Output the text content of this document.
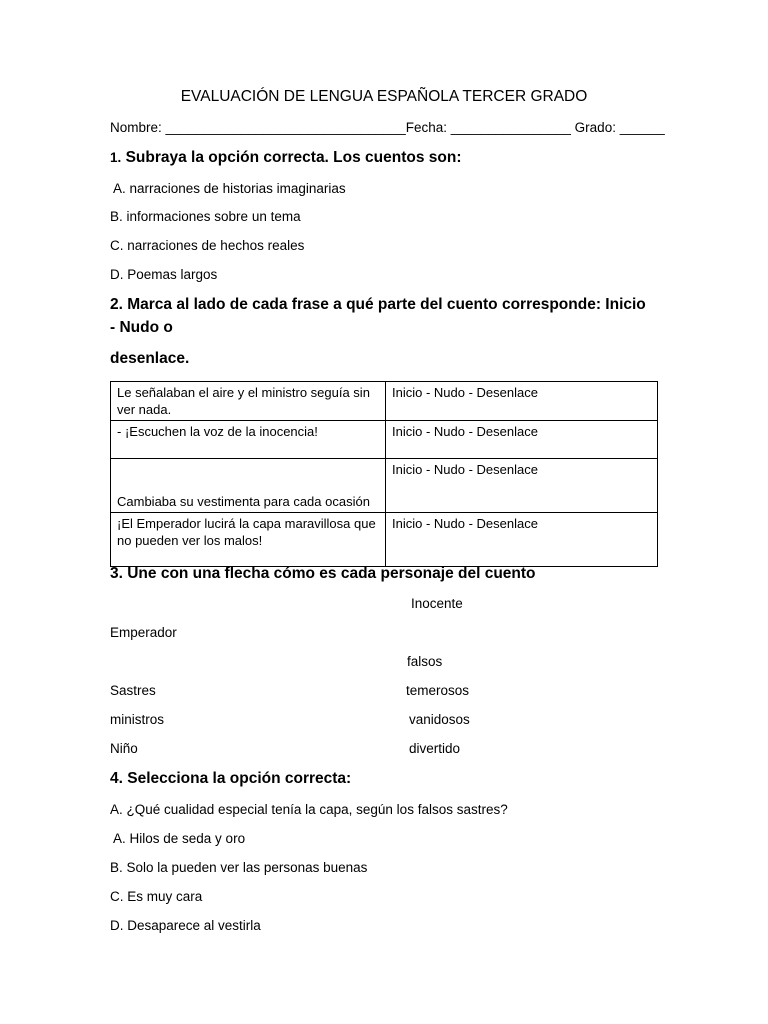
EVALUACIÓN DE LENGUA ESPAÑOLA TERCER GRADO
Nombre: ________________________________Fecha: ________________ Grado: ______
1. Subraya la opción correcta. Los cuentos son:
A. narraciones de historias imaginarias
B. informaciones sobre un tema
C. narraciones de hechos reales
D. Poemas largos
2. Marca al lado de cada frase a qué parte del cuento corresponde: Inicio
- Nudo o
desenlace.
Le señalaban el aire y el ministro seguía sin ver nada.	Inicio - Nudo - Desenlace
- ¡Escuchen la voz de la inocencia!	Inicio - Nudo - Desenlace
Cambiaba su vestimenta para cada ocasión	Inicio - Nudo - Desenlace
¡El Emperador lucirá la capa maravillosa que no pueden ver los malos!	Inicio - Nudo - Desenlace
3. Une con una flecha cómo es cada personaje del cuento
Inocente
Emperador
falsos
Sastres	temerosos
ministros	vanidosos
Niño	divertido
4. Selecciona la opción correcta:
A. ¿Qué cualidad especial tenía la capa, según los falsos sastres?
A. Hilos de seda y oro
B. Solo la pueden ver las personas buenas
C. Es muy cara
D. Desaparece al vestirla
